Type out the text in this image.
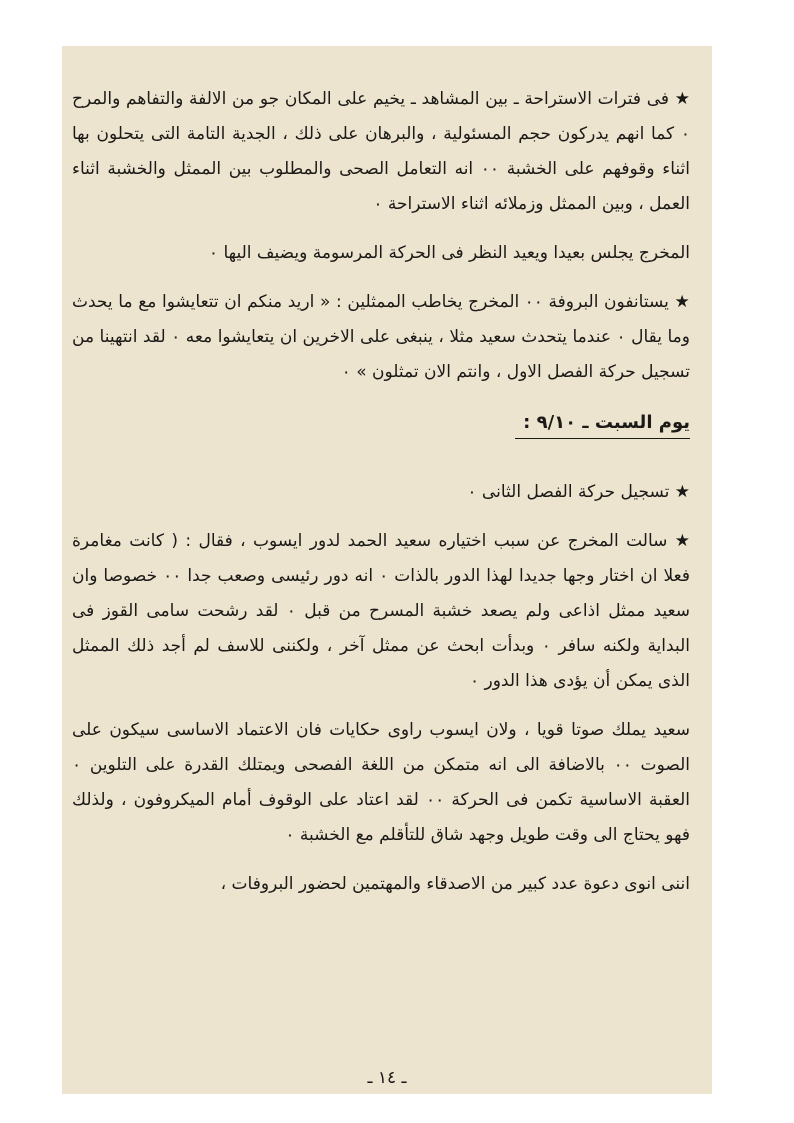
★ فى فترات الاستراحة ـ بين المشاهد ـ يخيم على المكان جو من الالفة والتفاهم والمرح ٠ كما انهم يدركون حجم المسئولية ، والبرهان على ذلك ، الجدية التامة التى يتحلون بها اثناء وقوفهم على الخشبة ٠٠ انه التعامل الصحى والمطلوب بين الممثل والخشبة اثناء العمل ، وبين الممثل وزملائه اثناء الاستراحة ٠

المخرج يجلس بعيدا ويعيد النظر فى الحركة المرسومة ويضيف اليها ٠

★ يستانفون البروفة ٠٠ المخرج يخاطب الممثلين : « اريد منكم ان تتعايشوا مع ما يحدث وما يقال ٠ عندما يتحدث سعيد مثلا ، ينبغى على الاخرين ان يتعايشوا معه ٠ لقد انتهينا من تسجيل حركة الفصل الاول ، وانتم الان تمثلون » ٠

يوم السبت ـ ٩/١٠ :

★ تسجيل حركة الفصل الثانى ٠

★ سالت المخرج عن سبب اختياره سعيد الحمد لدور ايسوب ، فقال : ( كانت مغامرة فعلا ان اختار وجها جديدا لهذا الدور بالذات ٠ انه دور رئيسى وصعب جدا ٠٠ خصوصا وان سعيد ممثل اذاعى ولم يصعد خشبة المسرح من قبل ٠ لقد رشحت سامى القوز فى البداية ولكنه سافر ٠ وبدأت ابحث عن ممثل آخر ، ولكننى للاسف لم أجد ذلك الممثل الذى يمكن أن يؤدى هذا الدور ٠

سعيد يملك صوتا قويا ، ولان ايسوب راوى حكايات فان الاعتماد الاساسى سيكون على الصوت ٠٠ بالاضافة الى انه متمكن من اللغة الفصحى ويمتلك القدرة على التلوين ٠ العقبة الاساسية تكمن فى الحركة ٠٠ لقد اعتاد على الوقوف أمام الميكروفون ، ولذلك فهو يحتاج الى وقت طويل وجهد شاق للتأقلم مع الخشبة ٠

اننى انوى دعوة عدد كبير من الاصدقاء والمهتمين لحضور البروفات ،

ـ ١٤ ـ
